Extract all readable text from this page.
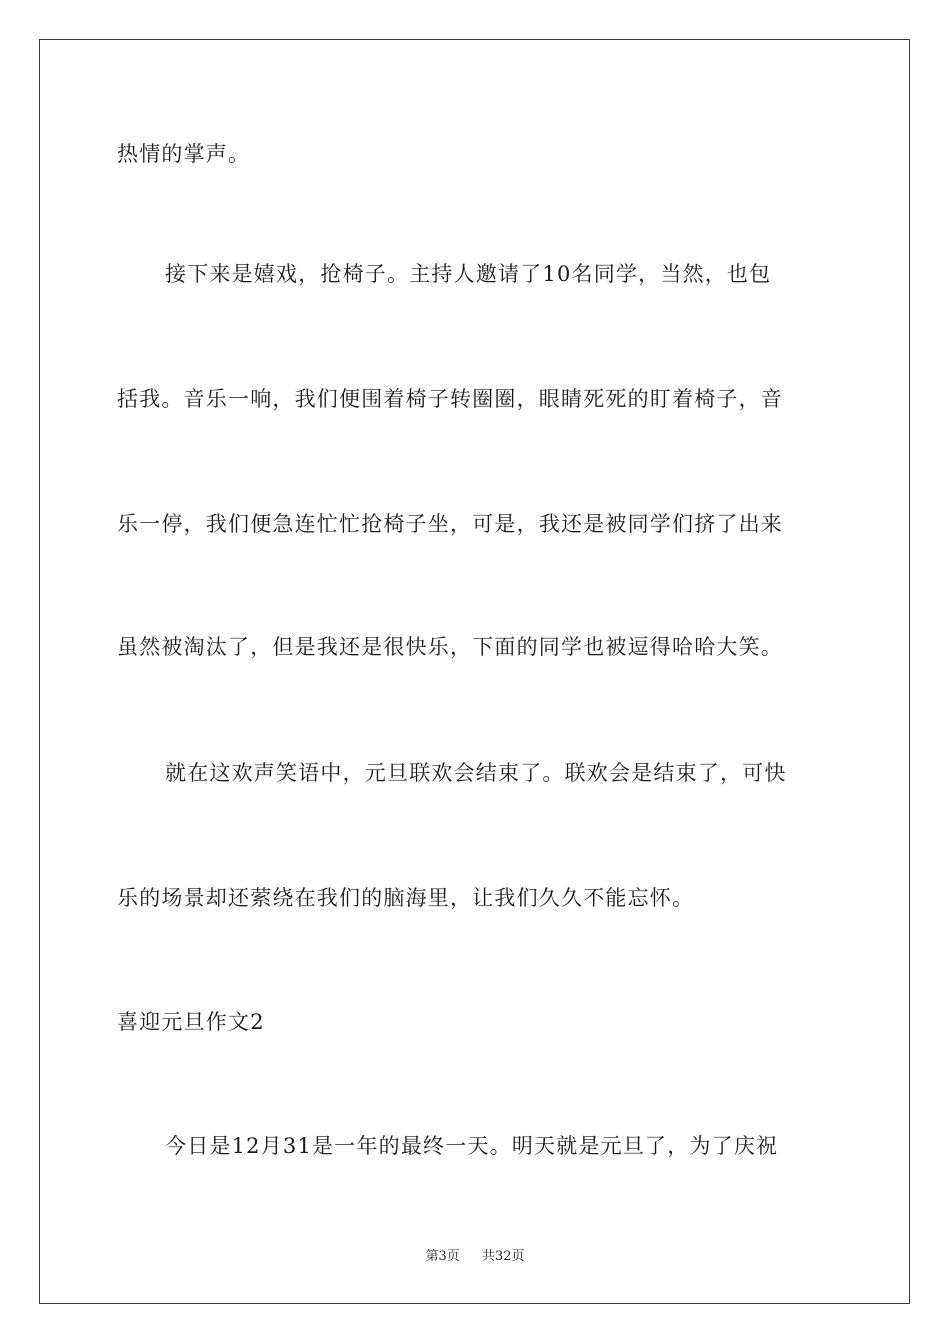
热情的掌声。
接下来是嬉戏，抢椅子。主持人邀请了10名同学，当然，也包
括我。音乐一响，我们便围着椅子转圈圈，眼睛死死的盯着椅子，音
乐一停，我们便急连忙忙抢椅子坐，可是，我还是被同学们挤了出来
虽然被淘汰了，但是我还是很快乐，下面的同学也被逗得哈哈大笑。
就在这欢声笑语中，元旦联欢会结束了。联欢会是结束了，可快
乐的场景却还萦绕在我们的脑海里，让我们久久不能忘怀。
喜迎元旦作文2
今日是12月31是一年的最终一天。明天就是元旦了，为了庆祝
第3页 共32页
